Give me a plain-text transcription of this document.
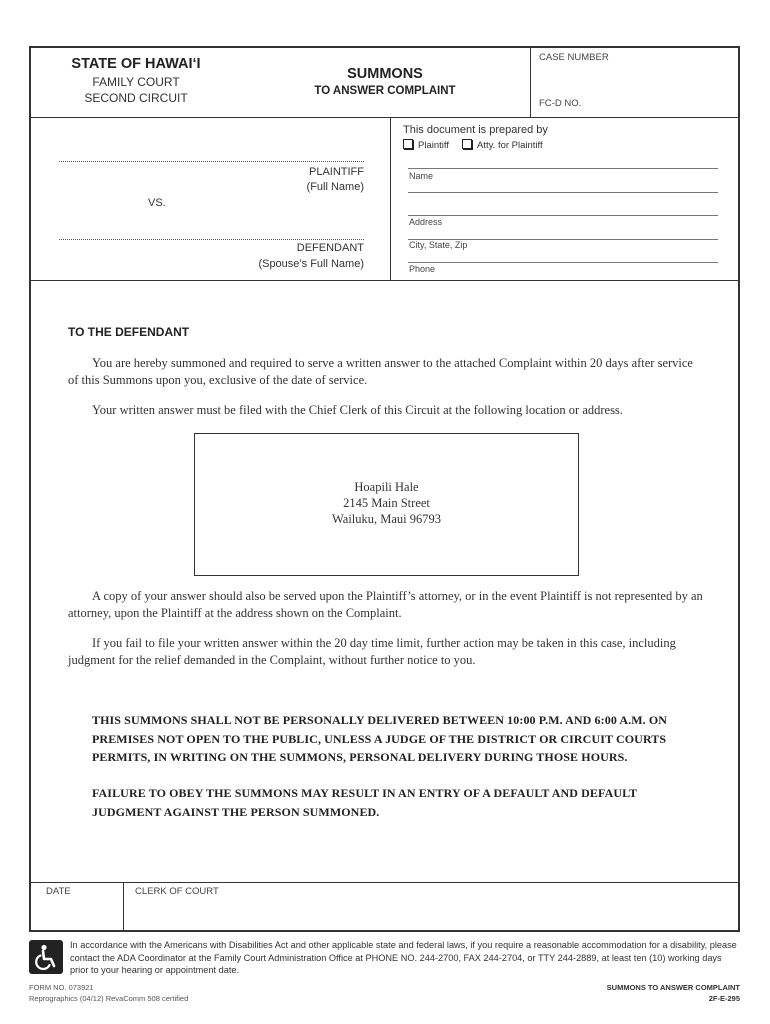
STATE OF HAWAI‘I
FAMILY COURT
SECOND CIRCUIT
SUMMONS
TO ANSWER COMPLAINT
CASE NUMBER
FC-D NO.
PLAINTIFF
(Full Name)
VS.
DEFENDANT
(Spouse’s Full Name)
This document is prepared by
Plaintiff	Atty. for Plaintiff
Name
Address
City, State, Zip
Phone
TO THE DEFENDANT
You are hereby summoned and required to serve a written answer to the attached Complaint within 20 days after service of this Summons upon you, exclusive of the date of service.
Your written answer must be filed with the Chief Clerk of this Circuit at the following location or address.
Hoapili Hale
2145 Main Street
Wailuku, Maui 96793
A copy of your answer should also be served upon the Plaintiff’s attorney, or in the event Plaintiff is not represented by an attorney, upon the Plaintiff at the address shown on the Complaint.
If you fail to file your written answer within the 20 day time limit, further action may be taken in this case, including judgment for the relief demanded in the Complaint, without further notice to you.
THIS SUMMONS SHALL NOT BE PERSONALLY DELIVERED BETWEEN 10:00 P.M. AND 6:00 A.M. ON PREMISES NOT OPEN TO THE PUBLIC, UNLESS A JUDGE OF THE DISTRICT OR CIRCUIT COURTS PERMITS, IN WRITING ON THE SUMMONS, PERSONAL DELIVERY DURING THOSE HOURS.
FAILURE TO OBEY THE SUMMONS MAY RESULT IN AN ENTRY OF A DEFAULT AND DEFAULT JUDGMENT AGAINST THE PERSON SUMMONED.
DATE	CLERK OF COURT
In accordance with the Americans with Disabilities Act and other applicable state and federal laws, if you require a reasonable accommodation for a disability, please contact the ADA Coordinator at the Family Court Administration Office at PHONE NO. 244-2700, FAX 244-2704, or TTY 244-2889, at least ten (10) working days prior to your hearing or appointment date.
FORM NO. 073921
Reprographics (04/12) RevaComm 508 certified
SUMMONS TO ANSWER COMPLAINT
2F-E-295
